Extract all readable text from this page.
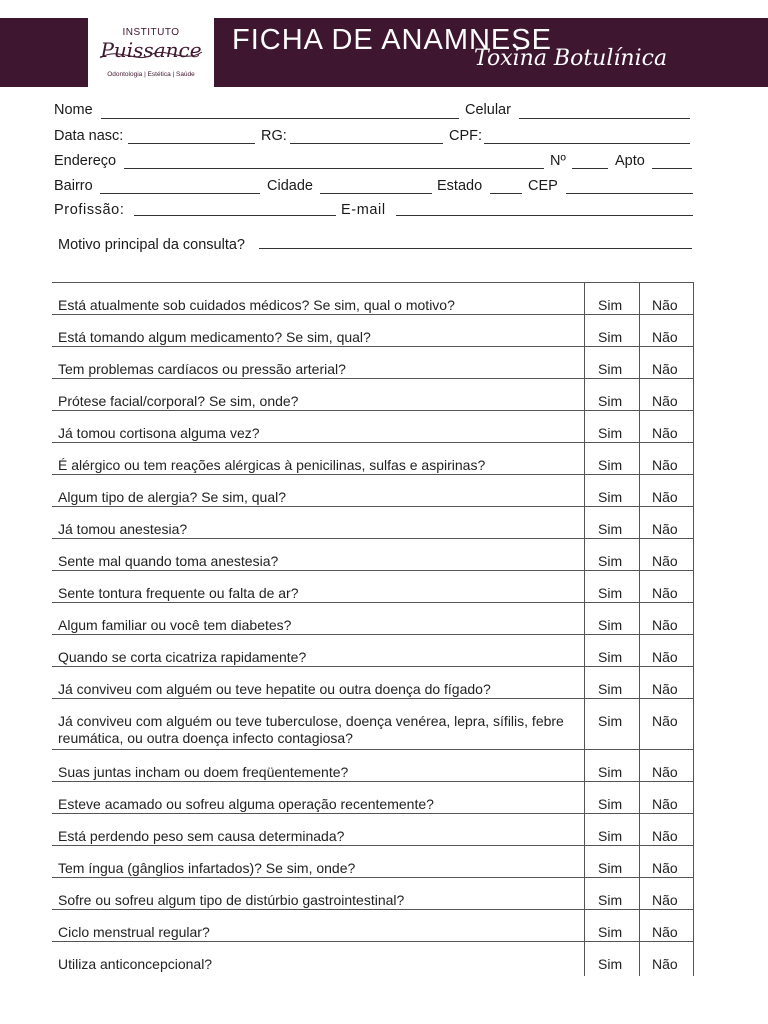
INSTITUTO
Puissance
Odontologia | Estética | Saúde
FICHA DE ANAMNESE
Toxina Botulínica
Nome	Celular
Data nasc:	RG:	CPF:
Endereço	Nº	Apto
Bairro	Cidade	Estado	CEP
Profissão:	E-mail
Motivo principal da consulta?
Está atualmente sob cuidados médicos? Se sim, qual o motivo?	Sim Não
Está tomando algum medicamento? Se sim, qual?	Sim Não
Tem problemas cardíacos ou pressão arterial?	Sim Não
Prótese facial/corporal? Se sim, onde?	Sim Não
Já tomou cortisona alguma vez?	Sim Não
É alérgico ou tem reações alérgicas à penicilinas, sulfas e aspirinas?	Sim Não
Algum tipo de alergia? Se sim, qual?	Sim Não
Já tomou anestesia?	Sim Não
Sente mal quando toma anestesia?	Sim Não
Sente tontura frequente ou falta de ar?	Sim Não
Algum familiar ou você tem diabetes?	Sim Não
Quando se corta cicatriza rapidamente?	Sim Não
Já conviveu com alguém ou teve hepatite ou outra doença do fígado?	Sim Não
Já conviveu com alguém ou teve tuberculose, doença venérea, lepra, sífilis, febre reumática, ou outra doença infecto contagiosa?
Sim Não
Suas juntas incham ou doem freqüentemente?	Sim Não
Esteve acamado ou sofreu alguma operação recentemente?	Sim Não
Está perdendo peso sem causa determinada?	Sim Não
Tem íngua (gânglios infartados)? Se sim, onde?	Sim Não
Sofre ou sofreu algum tipo de distúrbio gastrointestinal?	Sim Não
Ciclo menstrual regular?	Sim Não
Utiliza anticoncepcional?	Sim Não
